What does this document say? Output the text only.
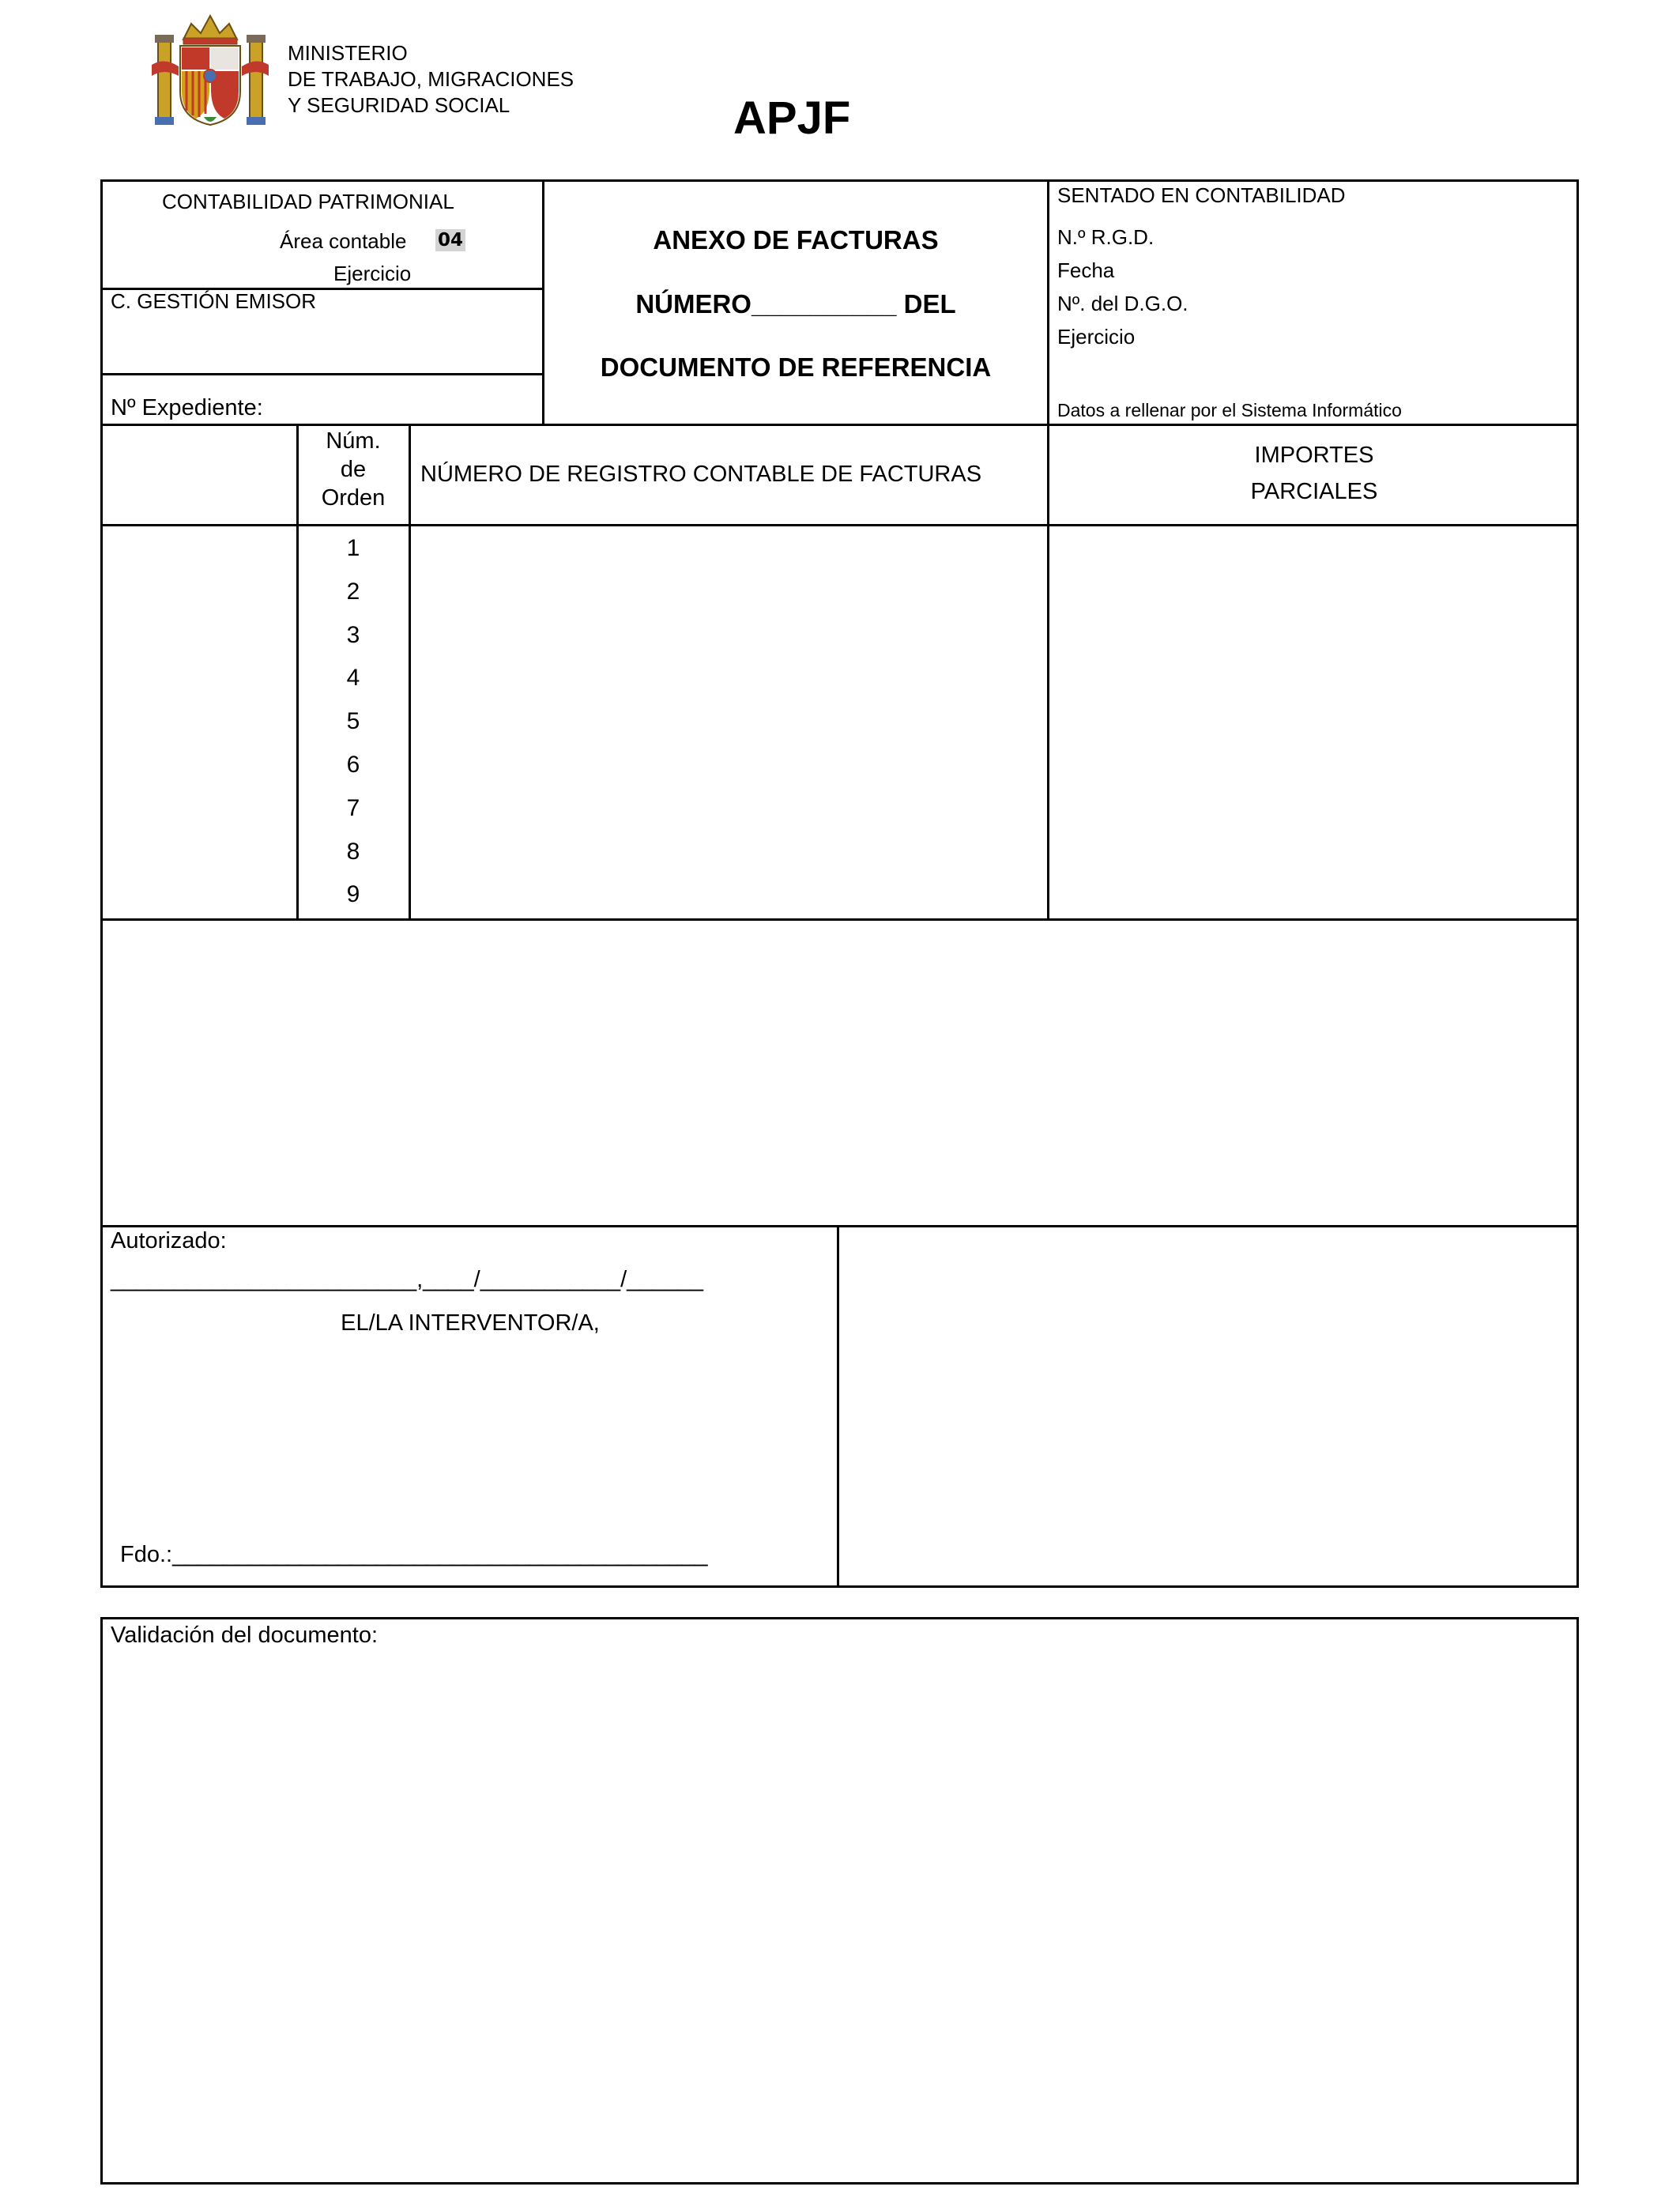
MINISTERIO
DE TRABAJO, MIGRACIONES
Y SEGURIDAD SOCIAL	APJF
CONTABILIDAD PATRIMONIAL
Área contable 04
Ejercicio
C. GESTIÓN EMISOR
Nº Expediente:
ANEXO DE FACTURAS
NÚMERO__________ DEL
DOCUMENTO DE REFERENCIA
SENTADO EN CONTABILIDAD
N.º R.G.D.
Fecha
Nº. del D.G.O.
Ejercicio
Datos a rellenar por el Sistema Informático
Núm.
de
Orden
NÚMERO DE REGISTRO CONTABLE DE FACTURAS
IMPORTES
PARCIALES
1
2
3
4
5
6
7
8
9
Autorizado:
________________________,____/___________/______
EL/LA INTERVENTOR/A,
Fdo.:__________________________________________
Validación del documento:
